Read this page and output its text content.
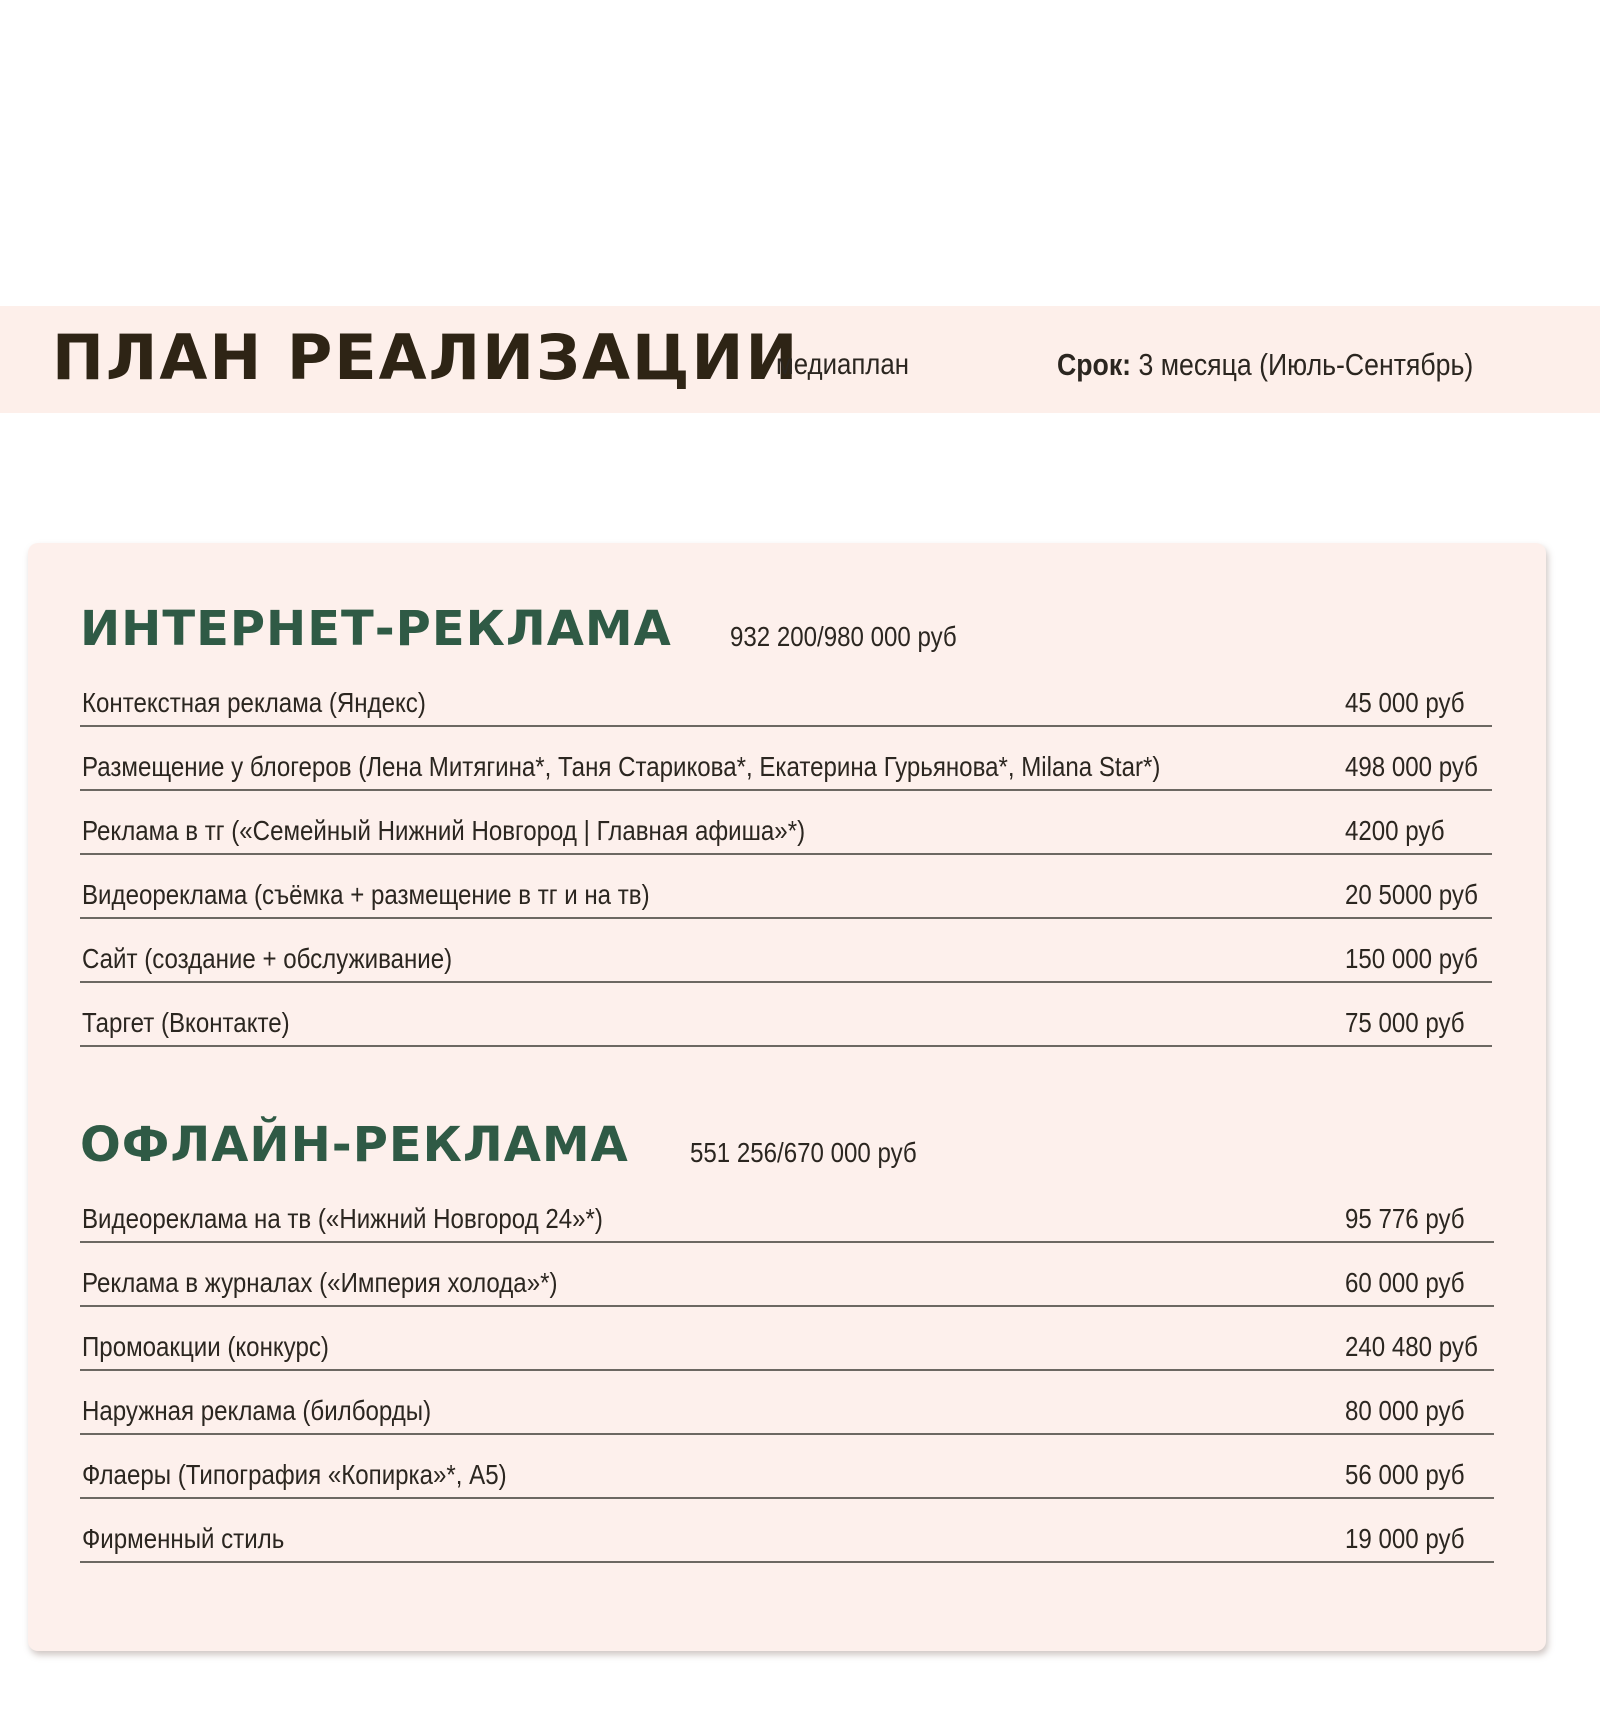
ПЛАН РЕАЛИЗАЦИИ
медиаплан	Срок: 3 месяца (Июль-Сентябрь)
ИНТЕРНЕТ-РЕКЛАМА 932 200/980 000 руб
Контекстная реклама (Яндекс)	45 000 руб
Размещение у блогеров (Лена Митягина*, Таня Старикова*, Екатерина Гурьянова*, Milana Star*)	498 000 руб
Реклама в тг («Семейный Нижний Новгород | Главная афиша»*)	4200 руб
Видеореклама (съёмка + размещение в тг и на тв)	20 5000 руб
Сайт (создание + обслуживание)	150 000 руб
Таргет (Вконтакте)	75 000 руб
ОФЛАЙН-РЕКЛАМА 551 256/670 000 руб
Видеореклама на тв («Нижний Новгород 24»*)	95 776 руб
Реклама в журналах («Империя холода»*)	60 000 руб
Промоакции (конкурс)	240 480 руб
Наружная реклама (билборды)	80 000 руб
Флаеры (Типография «Копирка»*, А5)	56 000 руб
Фирменный стиль	19 000 руб
